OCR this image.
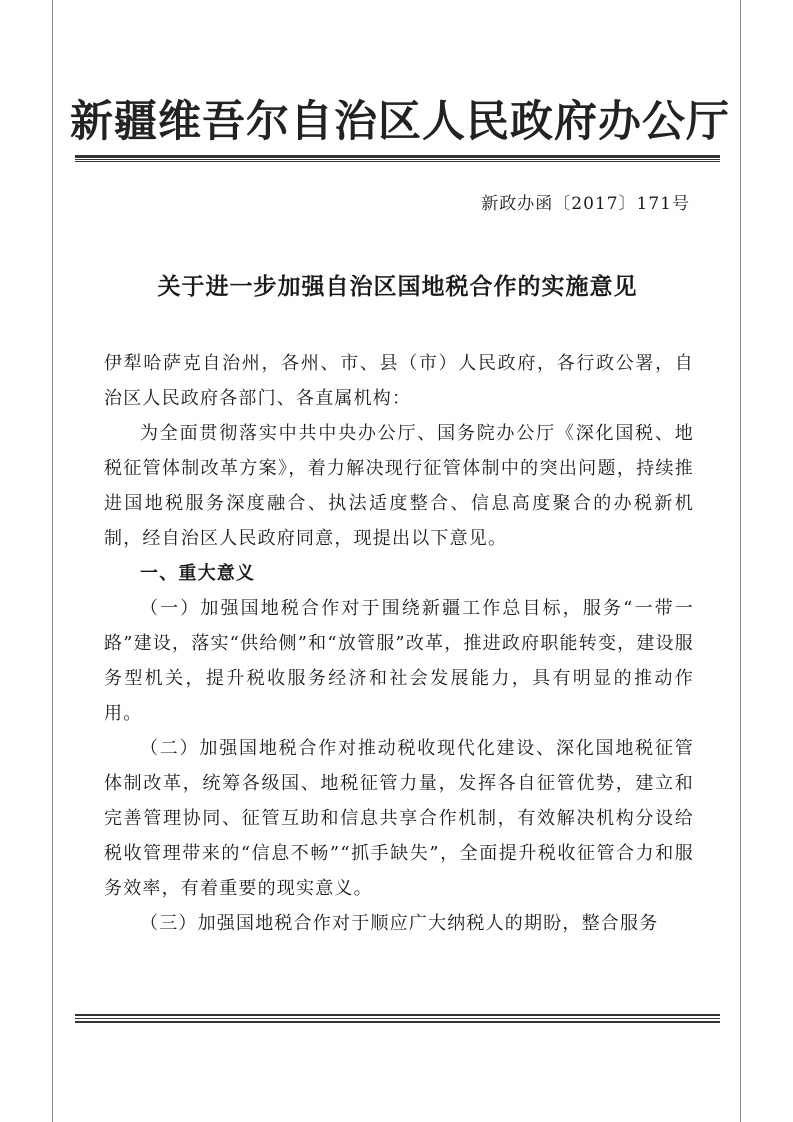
新疆维吾尔自治区人民政府办公厅
新政办函〔2017〕171号
关于进一步加强自治区国地税合作的实施意见

伊犁哈萨克自治州，各州、市、县（市）人民政府，各行政公署，自治区人民政府各部门、各直属机构：

为全面贯彻落实中共中央办公厅、国务院办公厅《深化国税、地税征管体制改革方案》，着力解决现行征管体制中的突出问题，持续推进国地税服务深度融合、执法适度整合、信息高度聚合的办税新机制，经自治区人民政府同意，现提出以下意见。

一、重大意义

（一）加强国地税合作对于围绕新疆工作总目标，服务“一带一路”建设，落实“供给侧”和“放管服”改革，推进政府职能转变，建设服务型机关，提升税收服务经济和社会发展能力，具有明显的推动作用。

（二）加强国地税合作对推动税收现代化建设、深化国地税征管体制改革，统筹各级国、地税征管力量，发挥各自征管优势，建立和完善管理协同、征管互助和信息共享合作机制，有效解决机构分设给税收管理带来的“信息不畅”“抓手缺失”，全面提升税收征管合力和服务效率，有着重要的现实意义。

（三）加强国地税合作对于顺应广大纳税人的期盼，整合服务
